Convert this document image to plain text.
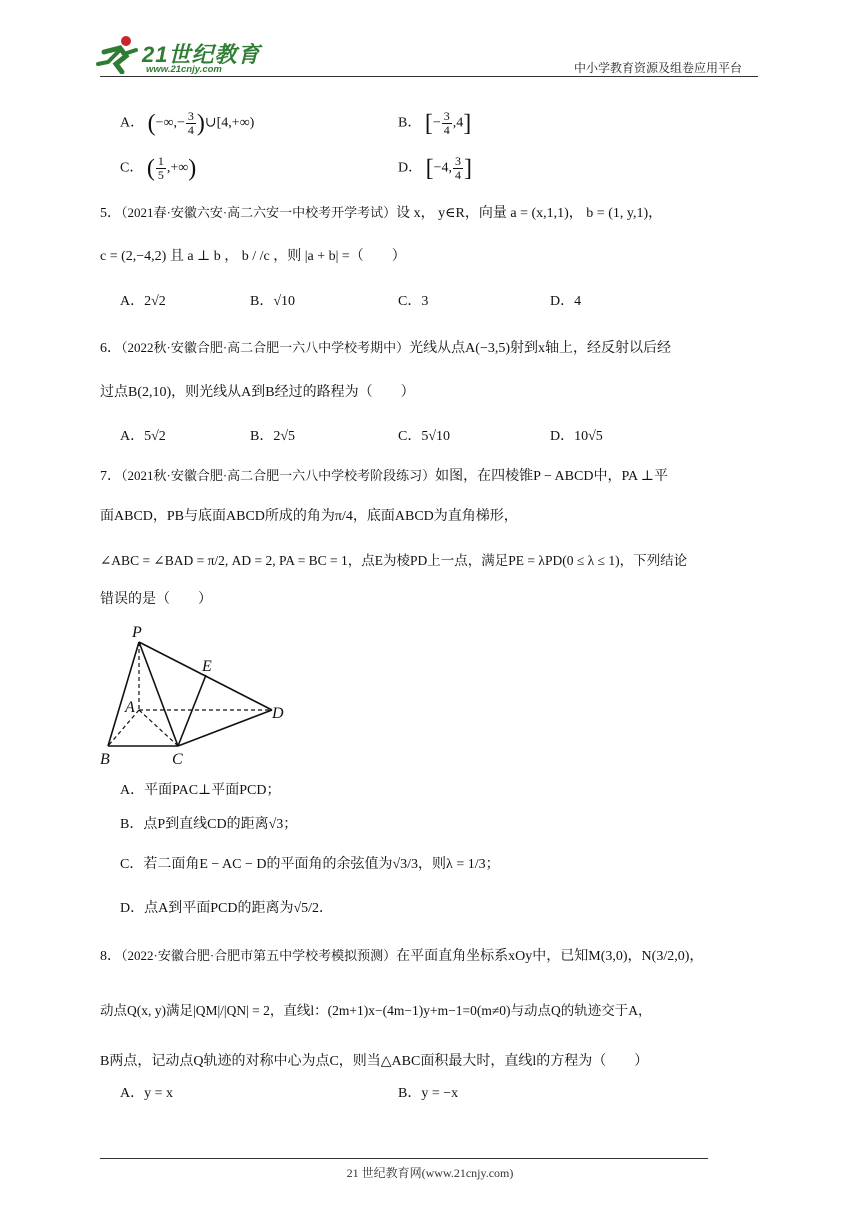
21世纪教育
www.21cnjy.com	中小学教育资源及组卷应用平台
A． (−∞,− $\frac{3}{4}$ )∪[4,+∞)	B． [− $\frac{3}{4} ,4$]
C． ( $\frac{1}{5}$ ,+∞)	D． [−4, $\frac{3}{4}$ ]
5．（2021春·安徽六安·高二六安一中校考开学考试）设 x， y∈R，向量 a = (x,1,1)， b = (1, y,1)，
c = (2,−4,2) 且 a ⊥ b ， b / /c ，则 |a + b| =（　　）
A．2√2	B．√10	C．3	D．4
6．（2022秋·安徽合肥·高二合肥一六八中学校考期中）光线从点A(−3,5)射到x轴上，经反射以后经
过点B(2,10)，则光线从A到B经过的路程为（　　）
A．5√2	B．2√5	C．5√10	D．10√5
7．（2021秋·安徽合肥·高二合肥一六八中学校考阶段练习）如图，在四棱锥P − ABCD中，PA ⊥平
面ABCD，PB与底面ABCD所成的角为π/4，底面ABCD为直角梯形，
∠ABC = ∠BAD = π/2, AD = 2, PA = BC = 1，点E为棱PD上一点，满足PE = λPD(0 ≤ λ ≤ 1)，下列结论
错误的是（　　）
P
E
A	D
B	C
A．平面PAC⊥平面PCD；
B．点P到直线CD的距离√3；
C．若二面角E − AC − D的平面角的余弦值为√3/3，则λ = 1/3；
D．点A到平面PCD的距离为√5/2．
8．（2022·安徽合肥·合肥市第五中学校考模拟预测）在平面直角坐标系xOy中，已知M(3,0)，N(3/2,0)，
动点Q(x, y)满足|QM|/|QN| = 2，直线l：(2m+1)x−(4m−1)y+m−1=0(m≠0)与动点Q的轨迹交于A，
B两点，记动点Q轨迹的对称中心为点C，则当△ABC面积最大时，直线l的方程为（　　）
A．y = x	B．y = −x
21 世纪教育网(www.21cnjy.com)
